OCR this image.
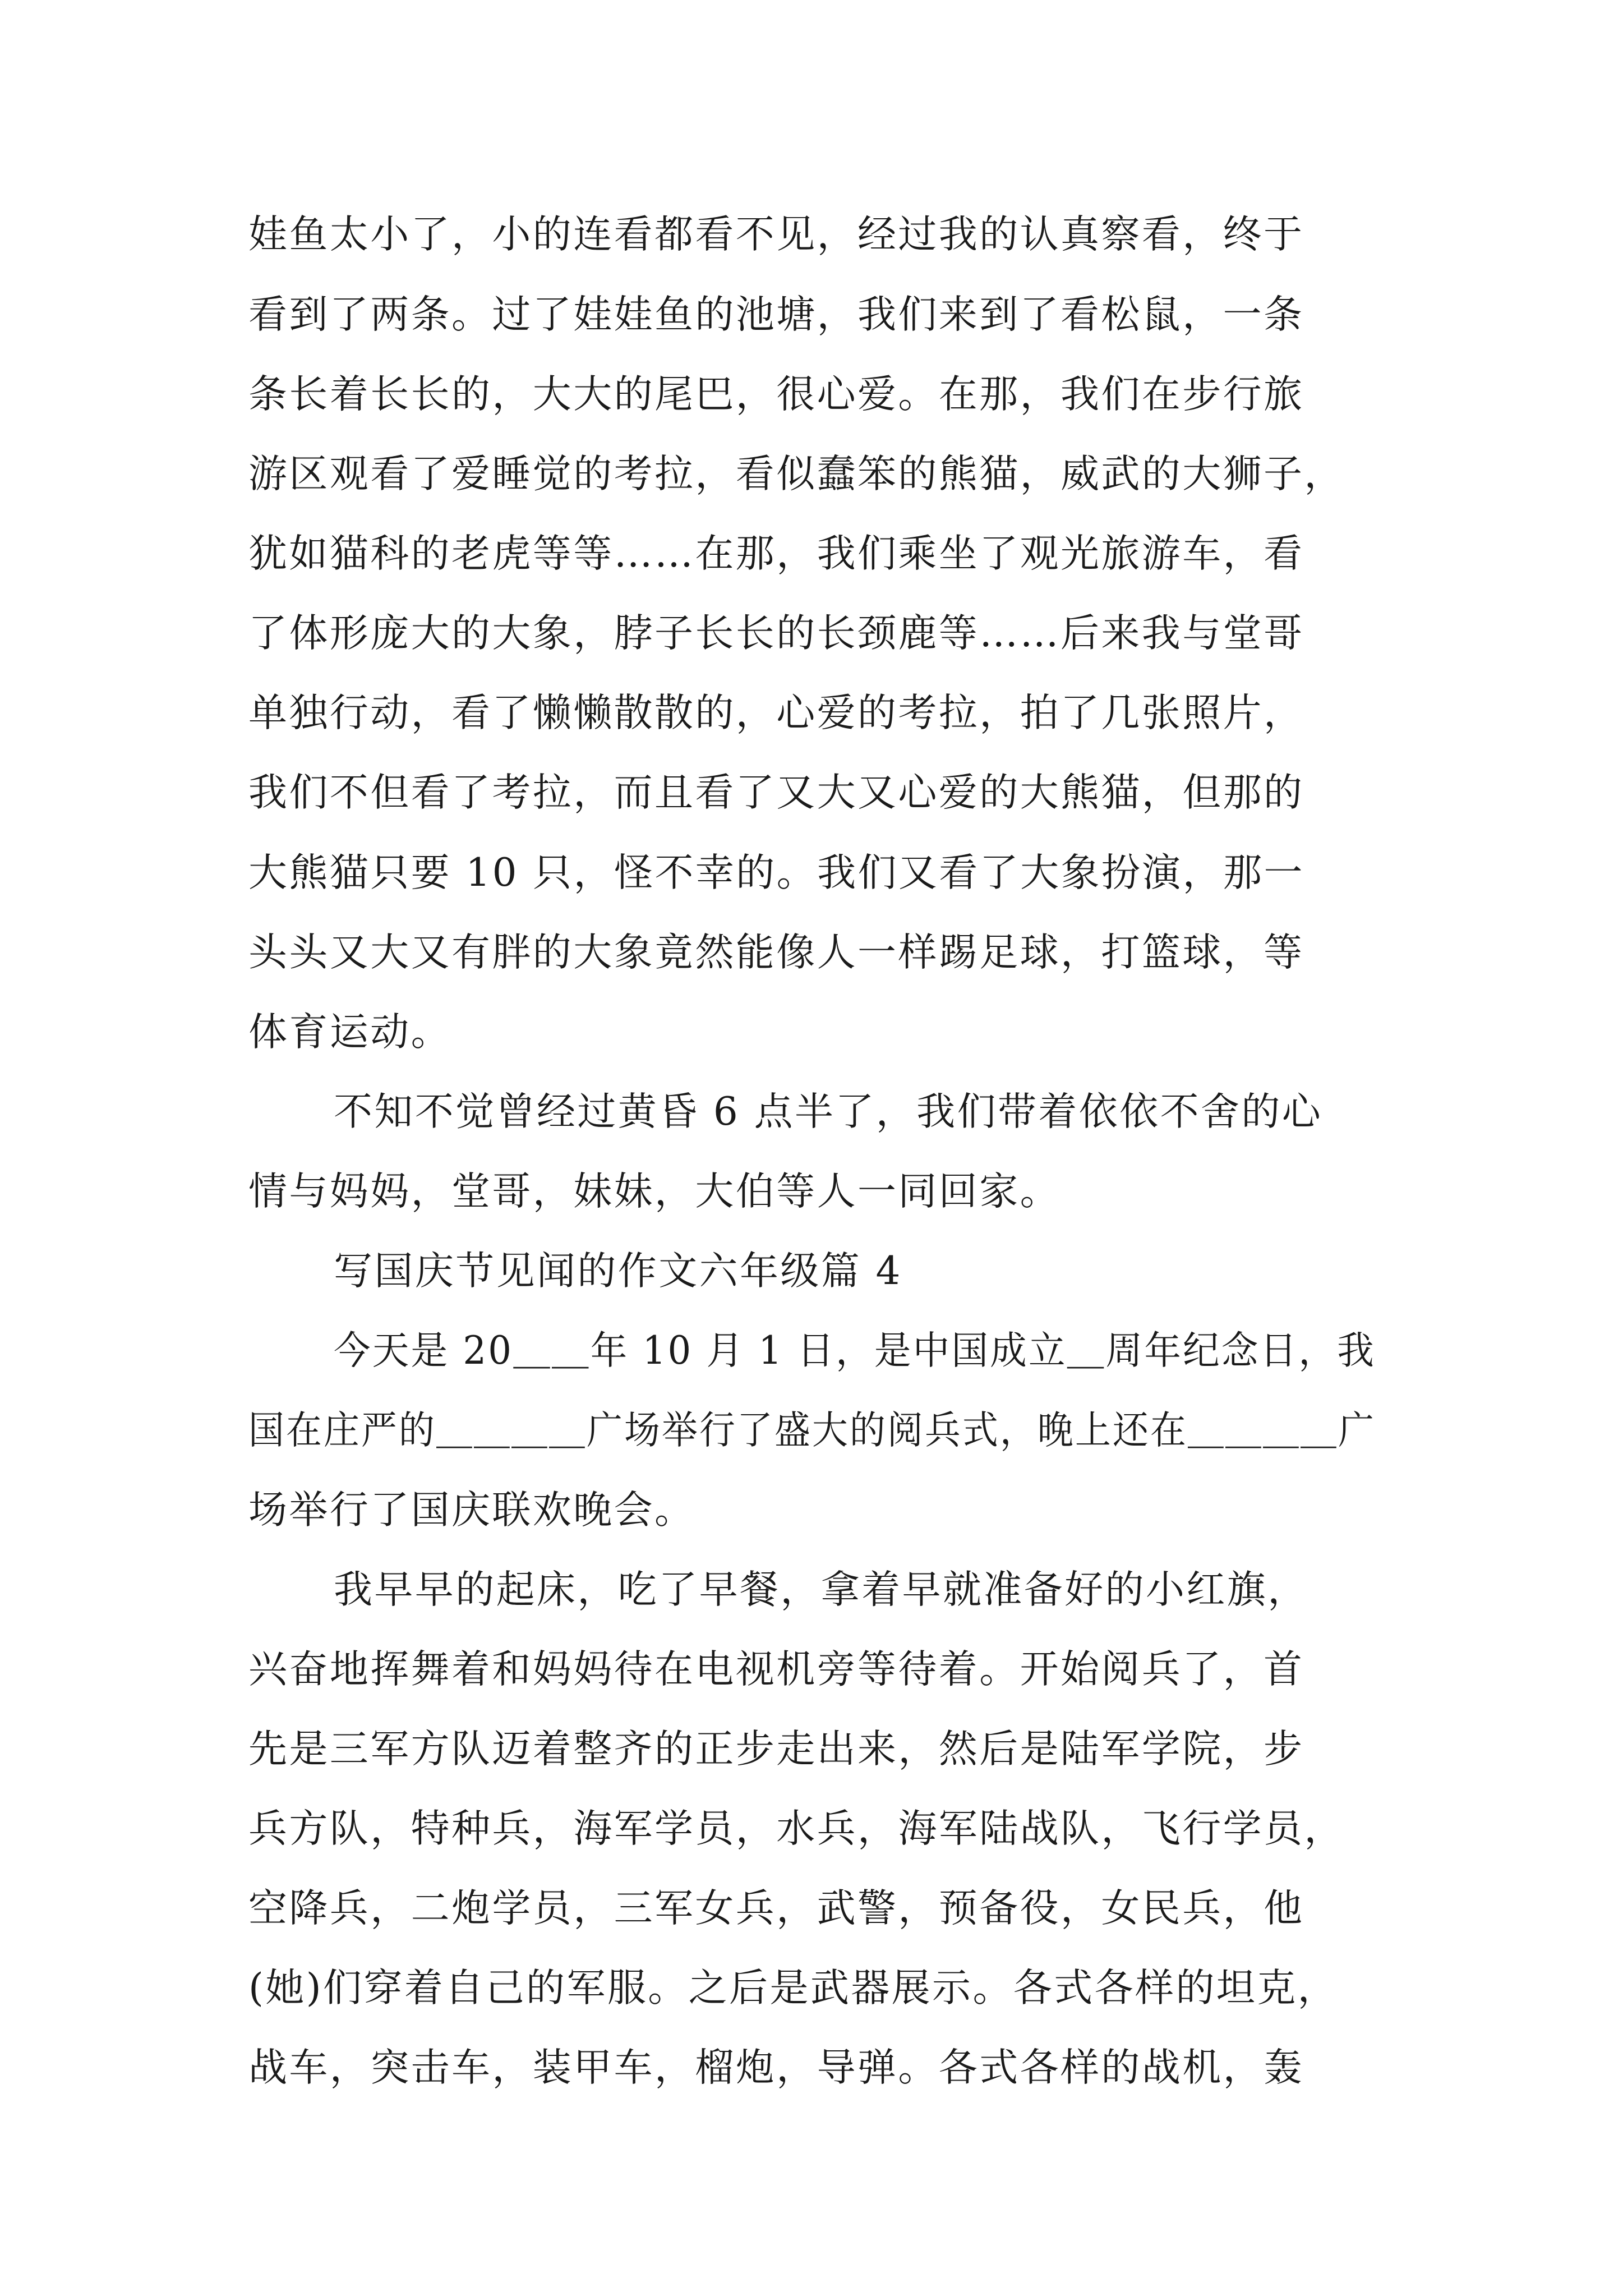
娃鱼太小了，小的连看都看不见，经过我的认真察看，终于
看到了两条。过了娃娃鱼的池塘，我们来到了看松鼠，一条
条长着长长的，大大的尾巴，很心爱。在那，我们在步行旅
游区观看了爱睡觉的考拉，看似蠢笨的熊猫，威武的大狮子，
犹如猫科的老虎等等……在那，我们乘坐了观光旅游车，看
了体形庞大的大象，脖子长长的长颈鹿等……后来我与堂哥
单独行动，看了懒懒散散的，心爱的考拉，拍了几张照片，
我们不但看了考拉，而且看了又大又心爱的大熊猫，但那的
大熊猫只要 10 只，怪不幸的。我们又看了大象扮演，那一
头头又大又有胖的大象竟然能像人一样踢足球，打篮球，等
体育运动。
不知不觉曾经过黄昏 6 点半了，我们带着依依不舍的心
情与妈妈，堂哥，妹妹，大伯等人一同回家。
写国庆节见闻的作文六年级篇 4
今天是 20＿＿年 10 月 1 日，是中国成立＿周年纪念日，我
国在庄严的＿＿＿＿广场举行了盛大的阅兵式，晚上还在＿＿＿＿广
场举行了国庆联欢晚会。
我早早的起床，吃了早餐，拿着早就准备好的小红旗，
兴奋地挥舞着和妈妈待在电视机旁等待着。开始阅兵了，首
先是三军方队迈着整齐的正步走出来，然后是陆军学院，步
兵方队，特种兵，海军学员，水兵，海军陆战队，飞行学员，
空降兵，二炮学员，三军女兵，武警，预备役，女民兵，他
(她)们穿着自己的军服。之后是武器展示。各式各样的坦克，
战车，突击车，装甲车，榴炮，导弹。各式各样的战机，轰
